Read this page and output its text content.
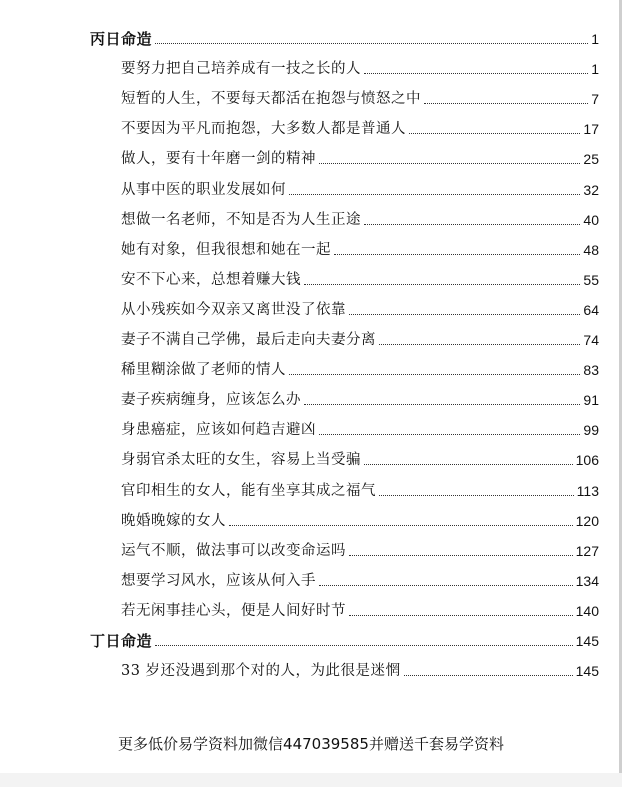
丙日命造	1
要努力把自己培养成有一技之长的人	1
短暂的人生，不要每天都活在抱怨与愤怒之中	7
不要因为平凡而抱怨，大多数人都是普通人	17
做人，要有十年磨一剑的精神	25
从事中医的职业发展如何	32
想做一名老师，不知是否为人生正途	40
她有对象，但我很想和她在一起	48
安不下心来，总想着赚大钱	55
从小残疾如今双亲又离世没了依靠	64
妻子不满自己学佛，最后走向夫妻分离	74
稀里糊涂做了老师的情人	83
妻子疾病缠身，应该怎么办	91
身患癌症，应该如何趋吉避凶	99
身弱官杀太旺的女生，容易上当受骗	106
官印相生的女人，能有坐享其成之福气	113
晚婚晚嫁的女人	120
运气不顺，做法事可以改变命运吗	127
想要学习风水，应该从何入手	134
若无闲事挂心头，便是人间好时节	140
丁日命造	145
33 岁还没遇到那个对的人，为此很是迷惘	145
更多低价易学资料加微信447039585并赠送千套易学资料
